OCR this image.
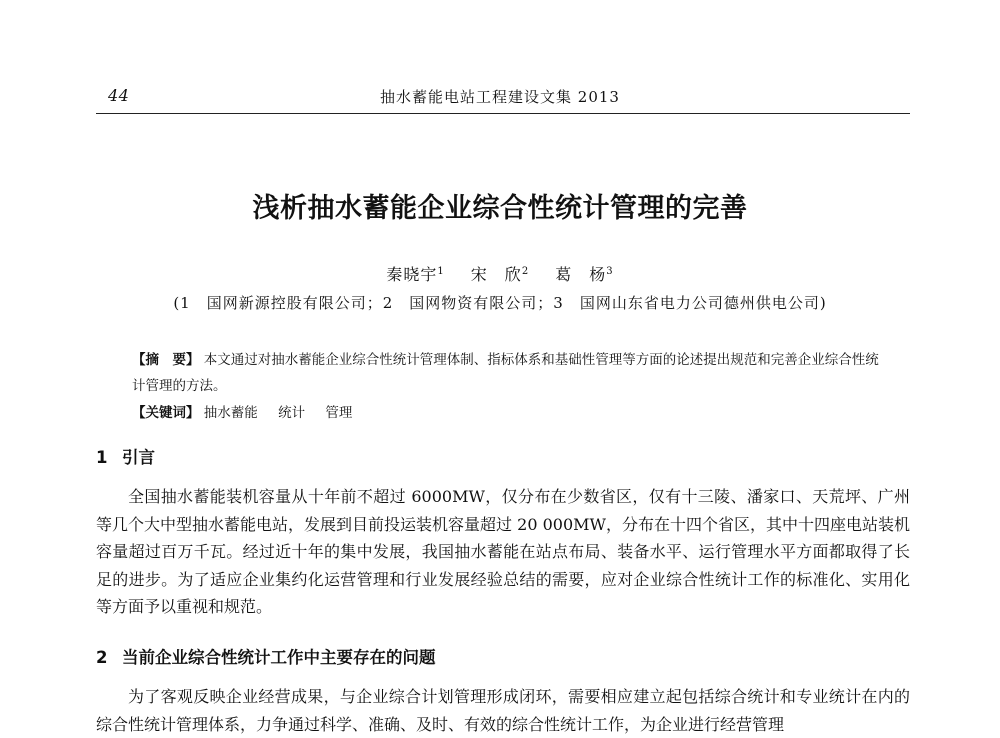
44	抽水蓄能电站工程建设文集 2013
浅析抽水蓄能企业综合性统计管理的完善
秦晓宇$^1$ 宋　欣$^2$ 葛　杨$^3$
(1　国网新源控股有限公司；2　国网物资有限公司；3　国网山东省电力公司德州供电公司)
【摘　要】 本文通过对抽水蓄能企业综合性统计管理体制、指标体系和基础性管理等方面的论述提出规范和完善企业综合性统计管理的方法。
【关键词】 抽水蓄能 统计 管理
1 引言

全国抽水蓄能装机容量从十年前不超过 6000MW，仅分布在少数省区，仅有十三陵、潘家口、天荒坪、广州等几个大中型抽水蓄能电站，发展到目前投运装机容量超过 20 000MW，分布在十四个省区，其中十四座电站装机容量超过百万千瓦。经过近十年的集中发展，我国抽水蓄能在站点布局、装备水平、运行管理水平方面都取得了长足的进步。为了适应企业集约化运营管理和行业发展经验总结的需要，应对企业综合性统计工作的标准化、实用化等方面予以重视和规范。

2 当前企业综合性统计工作中主要存在的问题

为了客观反映企业经营成果，与企业综合计划管理形成闭环，需要相应建立起包括综合统计和专业统计在内的综合性统计管理体系，力争通过科学、准确、及时、有效的综合性统计工作，为企业进行经营管理
